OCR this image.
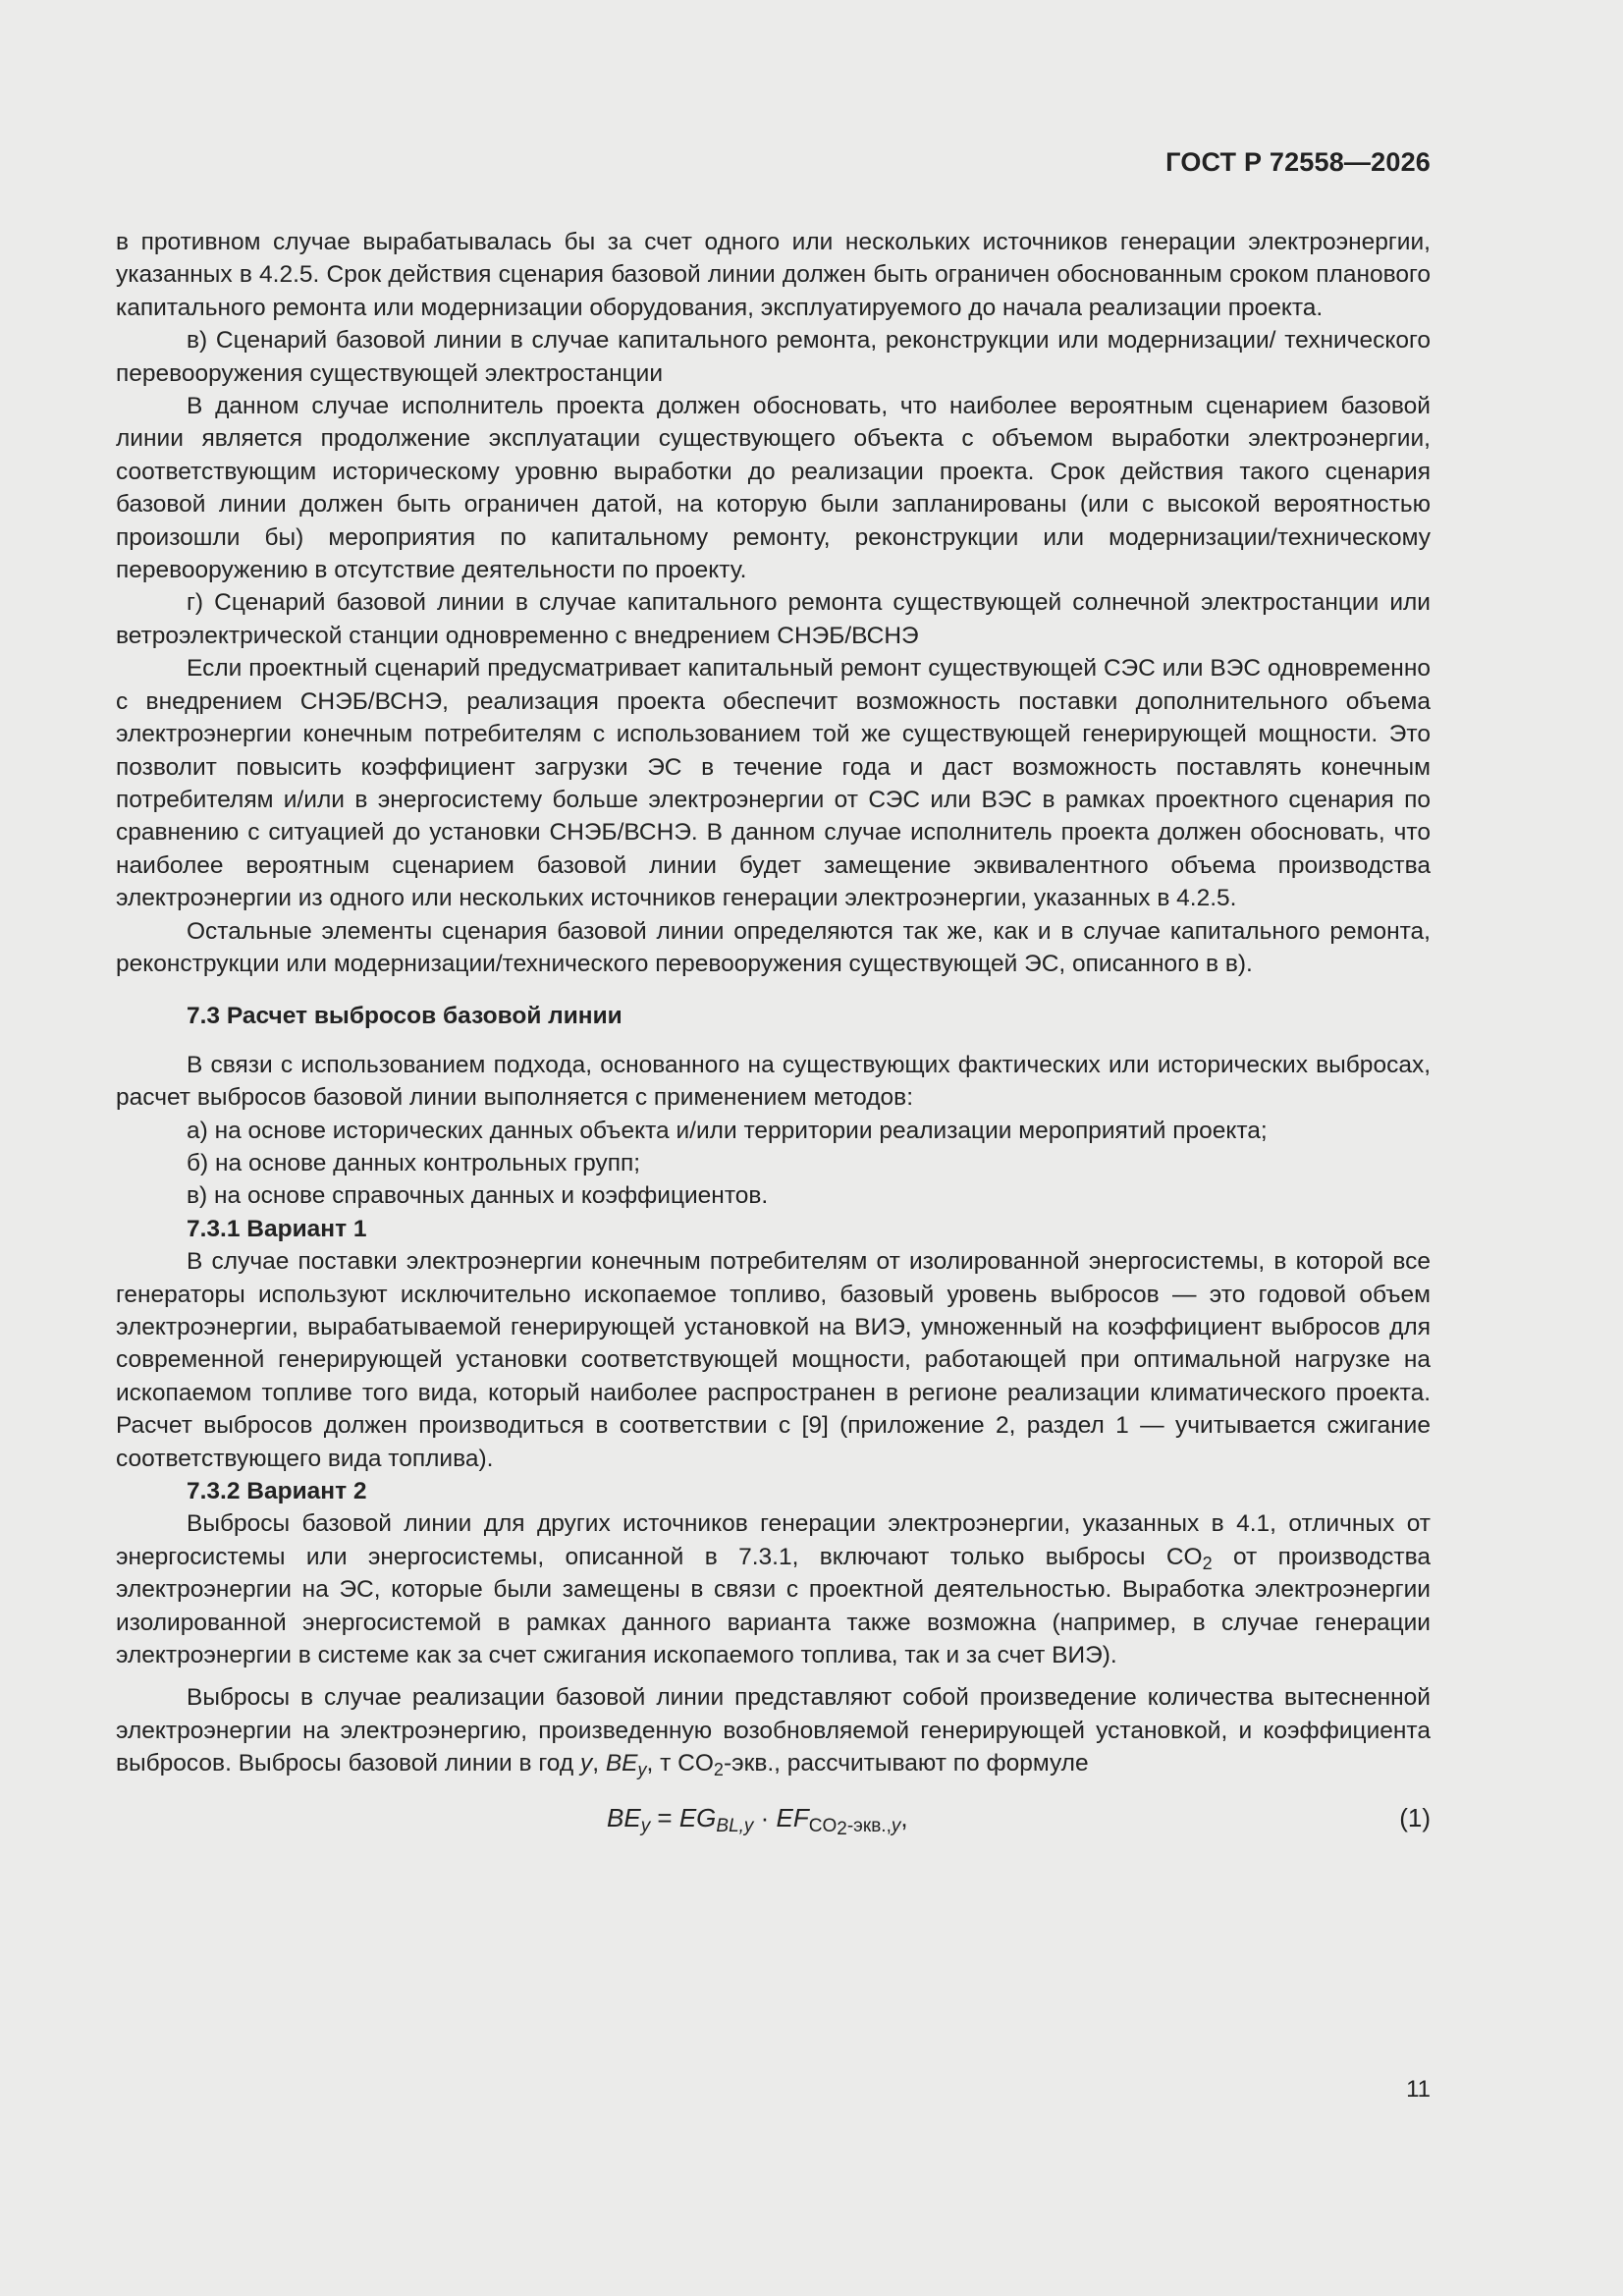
ГОСТ Р 72558—2026

в противном случае вырабатывалась бы за счет одного или нескольких источников генерации электроэнергии, указанных в 4.2.5. Срок действия сценария базовой линии должен быть ограничен обоснованным сроком планового капитального ремонта или модернизации оборудования, эксплуатируемого до начала реализации проекта.

в) Сценарий базовой линии в случае капитального ремонта, реконструкции или модернизации/ технического перевооружения существующей электростанции

В данном случае исполнитель проекта должен обосновать, что наиболее вероятным сценарием базовой линии является продолжение эксплуатации существующего объекта с объемом выработки электроэнергии, соответствующим историческому уровню выработки до реализации проекта. Срок действия такого сценария базовой линии должен быть ограничен датой, на которую были запланированы (или с высокой вероятностью произошли бы) мероприятия по капитальному ремонту, реконструкции или модернизации/техническому перевооружению в отсутствие деятельности по проекту.

г) Сценарий базовой линии в случае капитального ремонта существующей солнечной электростанции или ветроэлектрической станции одновременно с внедрением СНЭБ/ВСНЭ

Если проектный сценарий предусматривает капитальный ремонт существующей СЭС или ВЭС одновременно с внедрением СНЭБ/ВСНЭ, реализация проекта обеспечит возможность поставки дополнительного объема электроэнергии конечным потребителям с использованием той же существующей генерирующей мощности. Это позволит повысить коэффициент загрузки ЭС в течение года и даст возможность поставлять конечным потребителям и/или в энергосистему больше электроэнергии от СЭС или ВЭС в рамках проектного сценария по сравнению с ситуацией до установки СНЭБ/ВСНЭ. В данном случае исполнитель проекта должен обосновать, что наиболее вероятным сценарием базовой линии будет замещение эквивалентного объема производства электроэнергии из одного или нескольких источников генерации электроэнергии, указанных в 4.2.5.

Остальные элементы сценария базовой линии определяются так же, как и в случае капитального ремонта, реконструкции или модернизации/технического перевооружения существующей ЭС, описанного в в).

7.3 Расчет выбросов базовой линии

В связи с использованием подхода, основанного на существующих фактических или исторических выбросах, расчет выбросов базовой линии выполняется с применением методов:

а) на основе исторических данных объекта и/или территории реализации мероприятий проекта;

б) на основе данных контрольных групп;

в) на основе справочных данных и коэффициентов.

7.3.1 Вариант 1

В случае поставки электроэнергии конечным потребителям от изолированной энергосистемы, в которой все генераторы используют исключительно ископаемое топливо, базовый уровень выбросов — это годовой объем электроэнергии, вырабатываемой генерирующей установкой на ВИЭ, умноженный на коэффициент выбросов для современной генерирующей установки соответствующей мощности, работающей при оптимальной нагрузке на ископаемом топливе того вида, который наиболее распространен в регионе реализации климатического проекта. Расчет выбросов должен производиться в соответствии с [9] (приложение 2, раздел 1 — учитывается сжигание соответствующего вида топлива).

7.3.2 Вариант 2

Выбросы базовой линии для других источников генерации электроэнергии, указанных в 4.1, отличных от энергосистемы или энергосистемы, описанной в 7.3.1, включают только выбросы $CO_2$ от производства электроэнергии на ЭС, которые были замещены в связи с проектной деятельностью. Выработка электроэнергии изолированной энергосистемой в рамках данного варианта также возможна (например, в случае генерации электроэнергии в системе как за счет сжигания ископаемого топлива, так и за счет ВИЭ).

Выбросы в случае реализации базовой линии представляют собой произведение количества вытесненной электроэнергии на электроэнергию, произведенную возобновляемой генерирующей установкой, и коэффициента выбросов. Выбросы базовой линии в год y, $BE_y$, т $CO_2$-экв., рассчитывают по формуле

$BE_y = EG_{BL,y} \cdot EF_{CO_2-экв.,y}$,	(1)
11
